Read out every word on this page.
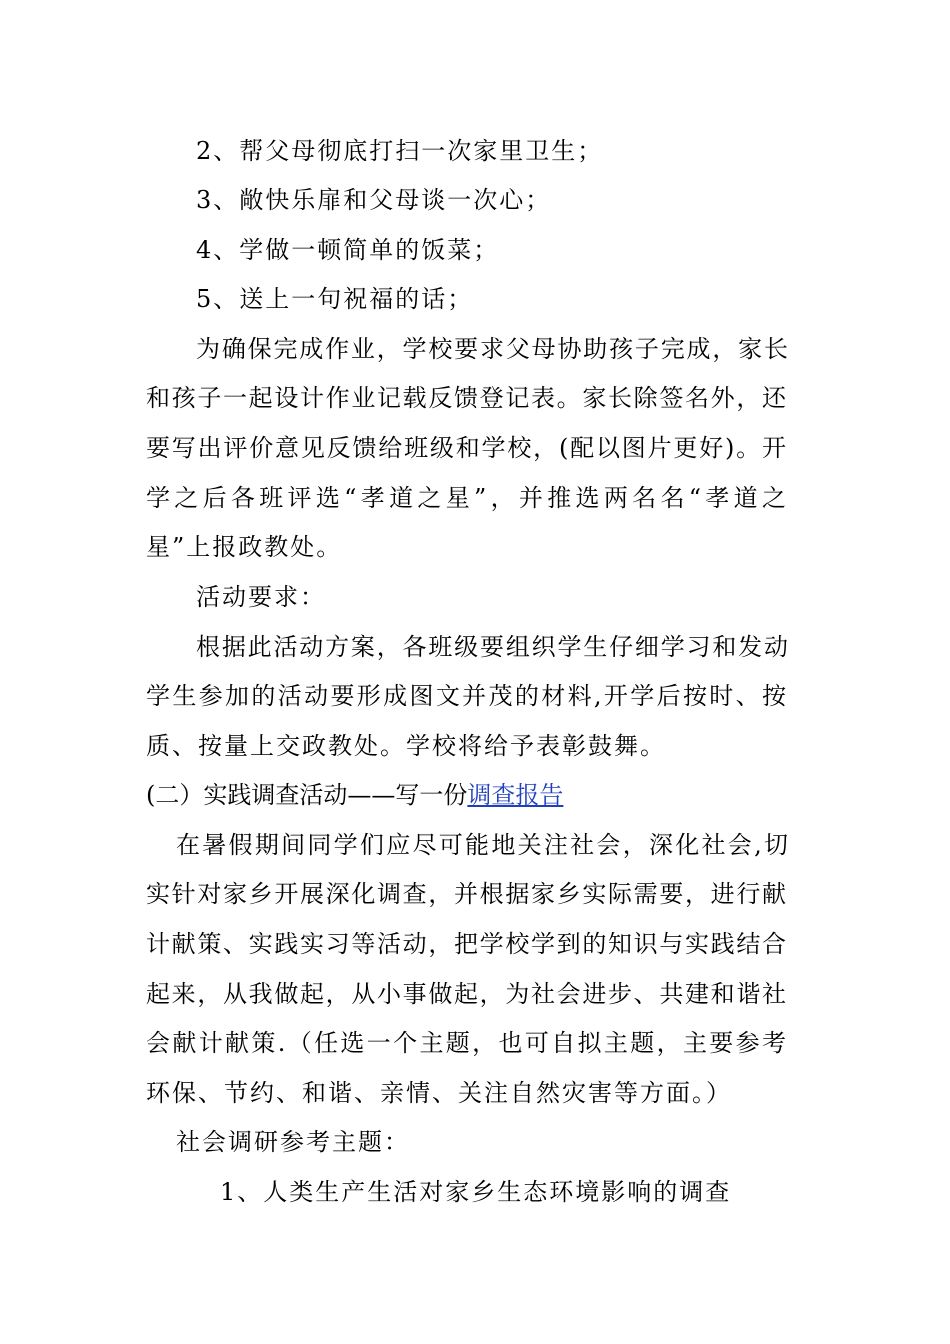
2、帮父母彻底打扫一次家里卫生；
3、敞快乐扉和父母谈一次心；
4、学做一顿简单的饭菜；
5、送上一句祝福的话；
为确保完成作业，学校要求父母协助孩子完成，家长
和孩子一起设计作业记载反馈登记表。家长除签名外，还
要写出评价意见反馈给班级和学校，(配以图片更好)。开
学之后各班评选“孝道之星”，并推选两名名“孝道之
星”上报政教处。
活动要求：
根据此活动方案，各班级要组织学生仔细学习和发动
学生参加的活动要形成图文并茂的材料,开学后按时、按
质、按量上交政教处。学校将给予表彰鼓舞。
(二）实践调查活动——写一份调查报告
在暑假期间同学们应尽可能地关注社会，深化社会,切
实针对家乡开展深化调查，并根据家乡实际需要，进行献
计献策、实践实习等活动，把学校学到的知识与实践结合
起来，从我做起，从小事做起，为社会进步、共建和谐社
会献计献策.（任选一个主题，也可自拟主题，主要参考
环保、节约、和谐、亲情、关注自然灾害等方面。）
社会调研参考主题：
1、人类生产生活对家乡生态环境影响的调查
